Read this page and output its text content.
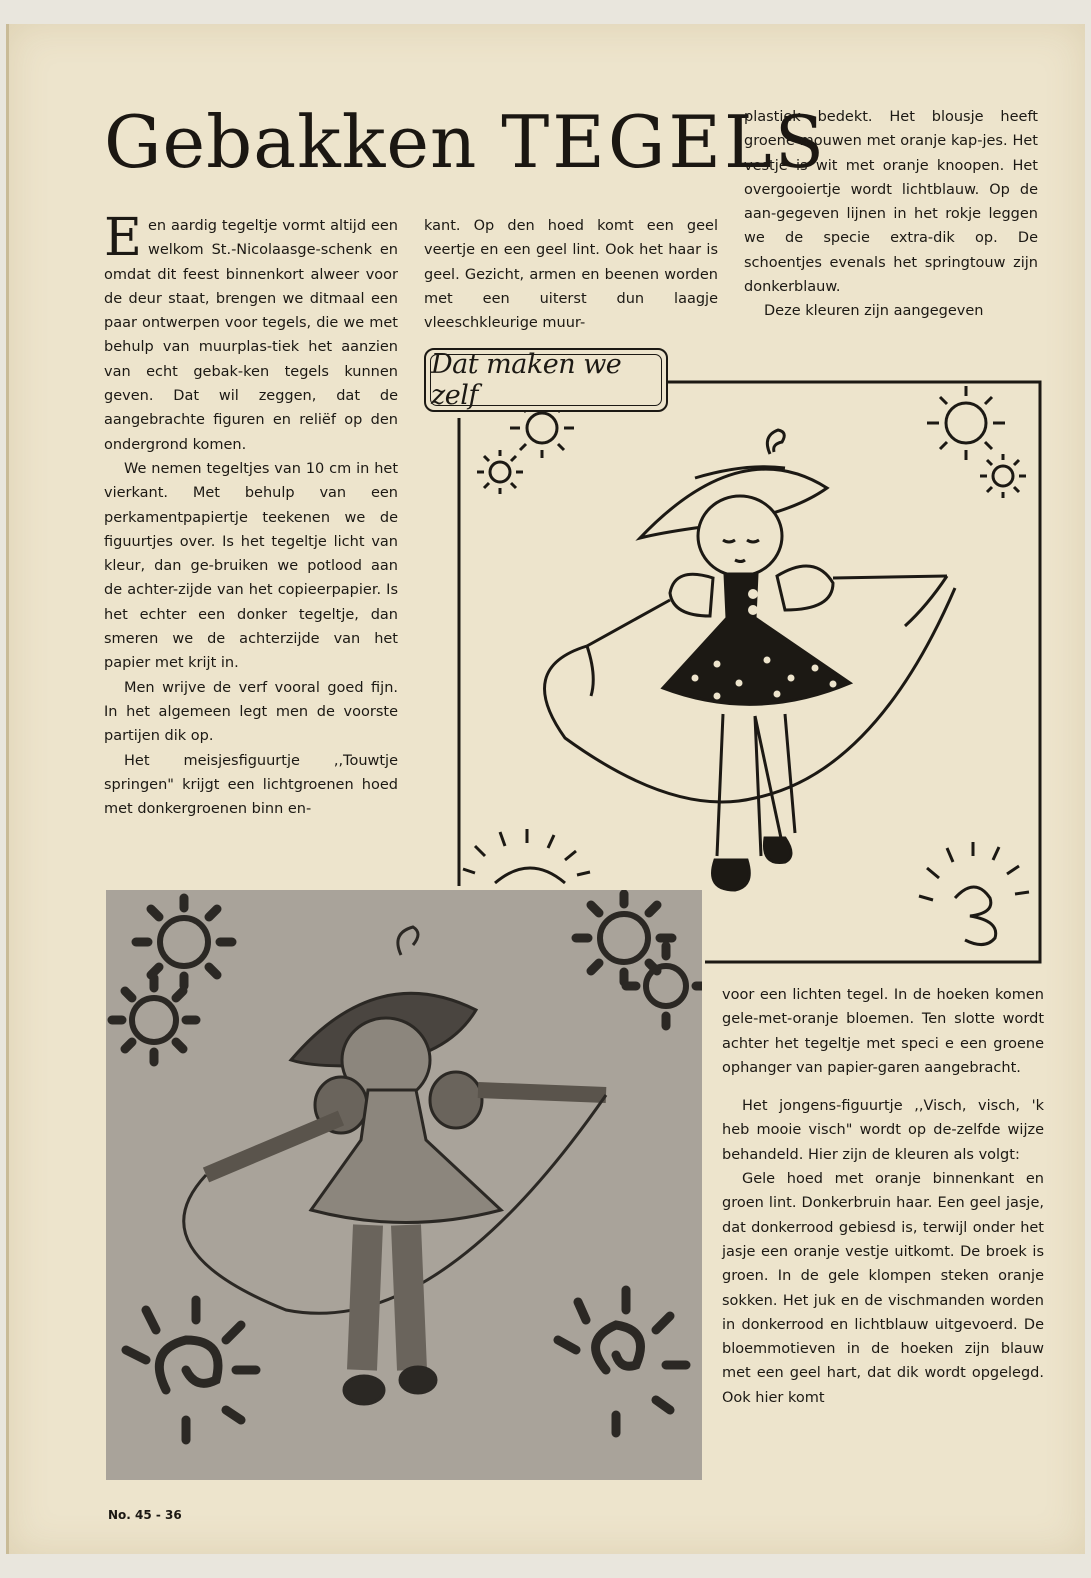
Gebakken TEGELS

Een aardig tegeltje vormt altijd een welkom St.-Nicolaasge-schenk en omdat dit feest binnenkort alweer voor de deur staat, brengen we ditmaal een paar ontwerpen voor tegels, die we met behulp van muurplas-tiek het aanzien van echt gebak-ken tegels kunnen geven. Dat wil zeggen, dat de aangebrachte figuren en reliëf op den ondergrond komen.

We nemen tegeltjes van 10 cm in het vierkant. Met behulp van een perkamentpapiertje teekenen we de figuurtjes over. Is het tegeltje licht van kleur, dan ge-bruiken we potlood aan de achter-zijde van het copieerpapier. Is het echter een donker tegeltje, dan smeren we de achterzijde van het papier met krijt in.

Men wrijve de verf vooral goed fijn. In het algemeen legt men de voorste partijen dik op.

Het meisjesfiguurtje ,,Touwtje springen" krijgt een lichtgroenen hoed met donkergroenen binn en-

kant. Op den hoed komt een geel veertje en een geel lint. Ook het haar is geel. Gezicht, armen en beenen worden met een uiterst dun laagje vleeschkleurige muur-

plastiek bedekt. Het blousje heeft groene mouwen met oranje kap-jes. Het vestje is wit met oranje knoopen. Het overgooiertje wordt lichtblauw. Op de aan-gegeven lijnen in het rokje leggen we de specie extra-dik op. De schoentjes evenals het springtouw zijn donkerblauw.

Deze kleuren zijn aangegeven

Dat maken we zelf

voor een lichten tegel. In de hoeken komen gele-met-oranje bloemen. Ten slotte wordt achter het tegeltje met speci e een groene ophanger van papier-garen aangebracht.

Het jongens-figuurtje ,,Visch, visch, 'k heb mooie visch" wordt op de-zelfde wijze behandeld. Hier zijn de kleuren als volgt:

Gele hoed met oranje binnenkant en groen lint. Donkerbruin haar. Een geel jasje, dat donkerrood gebiesd is, terwijl onder het jasje een oranje vestje uitkomt. De broek is groen. In de gele klompen steken oranje sokken. Het juk en de vischmanden worden in donkerrood en lichtblauw uitgevoerd. De bloemmotieven in de hoeken zijn blauw met een geel hart, dat dik wordt opgelegd. Ook hier komt

No. 45 - 36
